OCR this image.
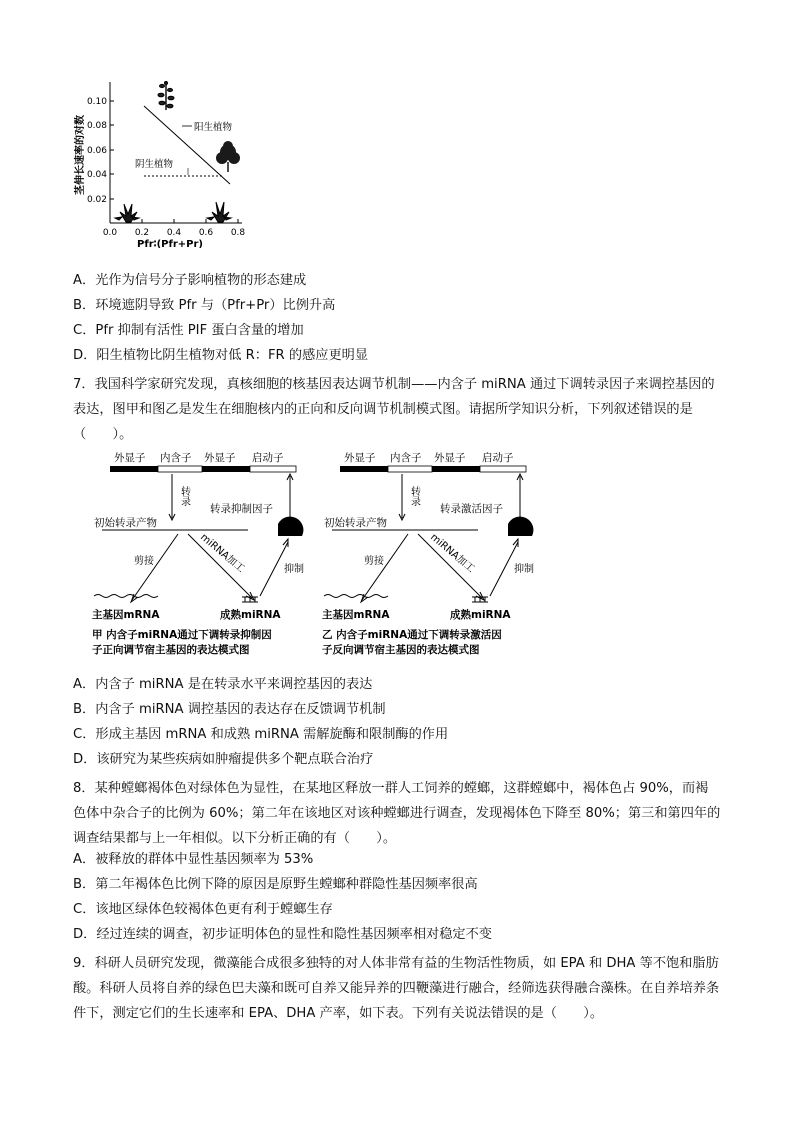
茎伸长速率的对数
0.10
0.08
0.06
0.04
0.02
0.0 0.2 0.4 0.6 0.8
Pfr∶(Pfr+Pr)
阳生植物
阴生植物
A．光作为信号分子影响植物的形态建成
B．环境遮阴导致 Pfr 与（Pfr+Pr）比例升高
C．Pfr 抑制有活性 PIF 蛋白含量的增加
D．阳生植物比阴生植物对低 R：FR 的感应更明显
7．我国科学家研究发现，真核细胞的核基因表达调节机制——内含子 miRNA 通过下调转录因子来调控基因的表达，图甲和图乙是发生在细胞核内的正向和反向调节机制模式图。请据所学知识分析，下列叙述错误的是（　　）。
外显子 内含子 外显子 启动子
转录
转录抑制因子
初始转录产物
剪接	miRNA加工	抑制
主基因mRNA	成熟miRNA
甲 内含子miRNA通过下调转录抑制因
子正向调节宿主基因的表达模式图
外显子 内含子 外显子 启动子
转录
转录激活因子
初始转录产物
剪接	miRNA加工	抑制
主基因mRNA	成熟miRNA
乙 内含子miRNA通过下调转录激活因
子反向调节宿主基因的表达模式图
A．内含子 miRNA 是在转录水平来调控基因的表达
B．内含子 miRNA 调控基因的表达存在反馈调节机制
C．形成主基因 mRNA 和成熟 miRNA 需解旋酶和限制酶的作用
D．该研究为某些疾病如肿瘤提供多个靶点联合治疗
8．某种螳螂褐体色对绿体色为显性，在某地区释放一群人工饲养的螳螂，这群螳螂中，褐体色占 90%，而褐色体中杂合子的比例为 60%；第二年在该地区对该种螳螂进行调查，发现褐体色下降至 80%；第三和第四年的调查结果都与上一年相似。以下分析正确的有（　　）。
A．被释放的群体中显性基因频率为 53%
B．第二年褐体色比例下降的原因是原野生螳螂种群隐性基因频率很高
C．该地区绿体色较褐体色更有利于螳螂生存
D．经过连续的调查，初步证明体色的显性和隐性基因频率相对稳定不变
9．科研人员研究发现，微藻能合成很多独特的对人体非常有益的生物活性物质，如 EPA 和 DHA 等不饱和脂肪酸。科研人员将自养的绿色巴夫藻和既可自养又能异养的四鞭藻进行融合，经筛选获得融合藻株。在自养培养条件下，测定它们的生长速率和 EPA、DHA 产率，如下表。下列有关说法错误的是（　　）。
